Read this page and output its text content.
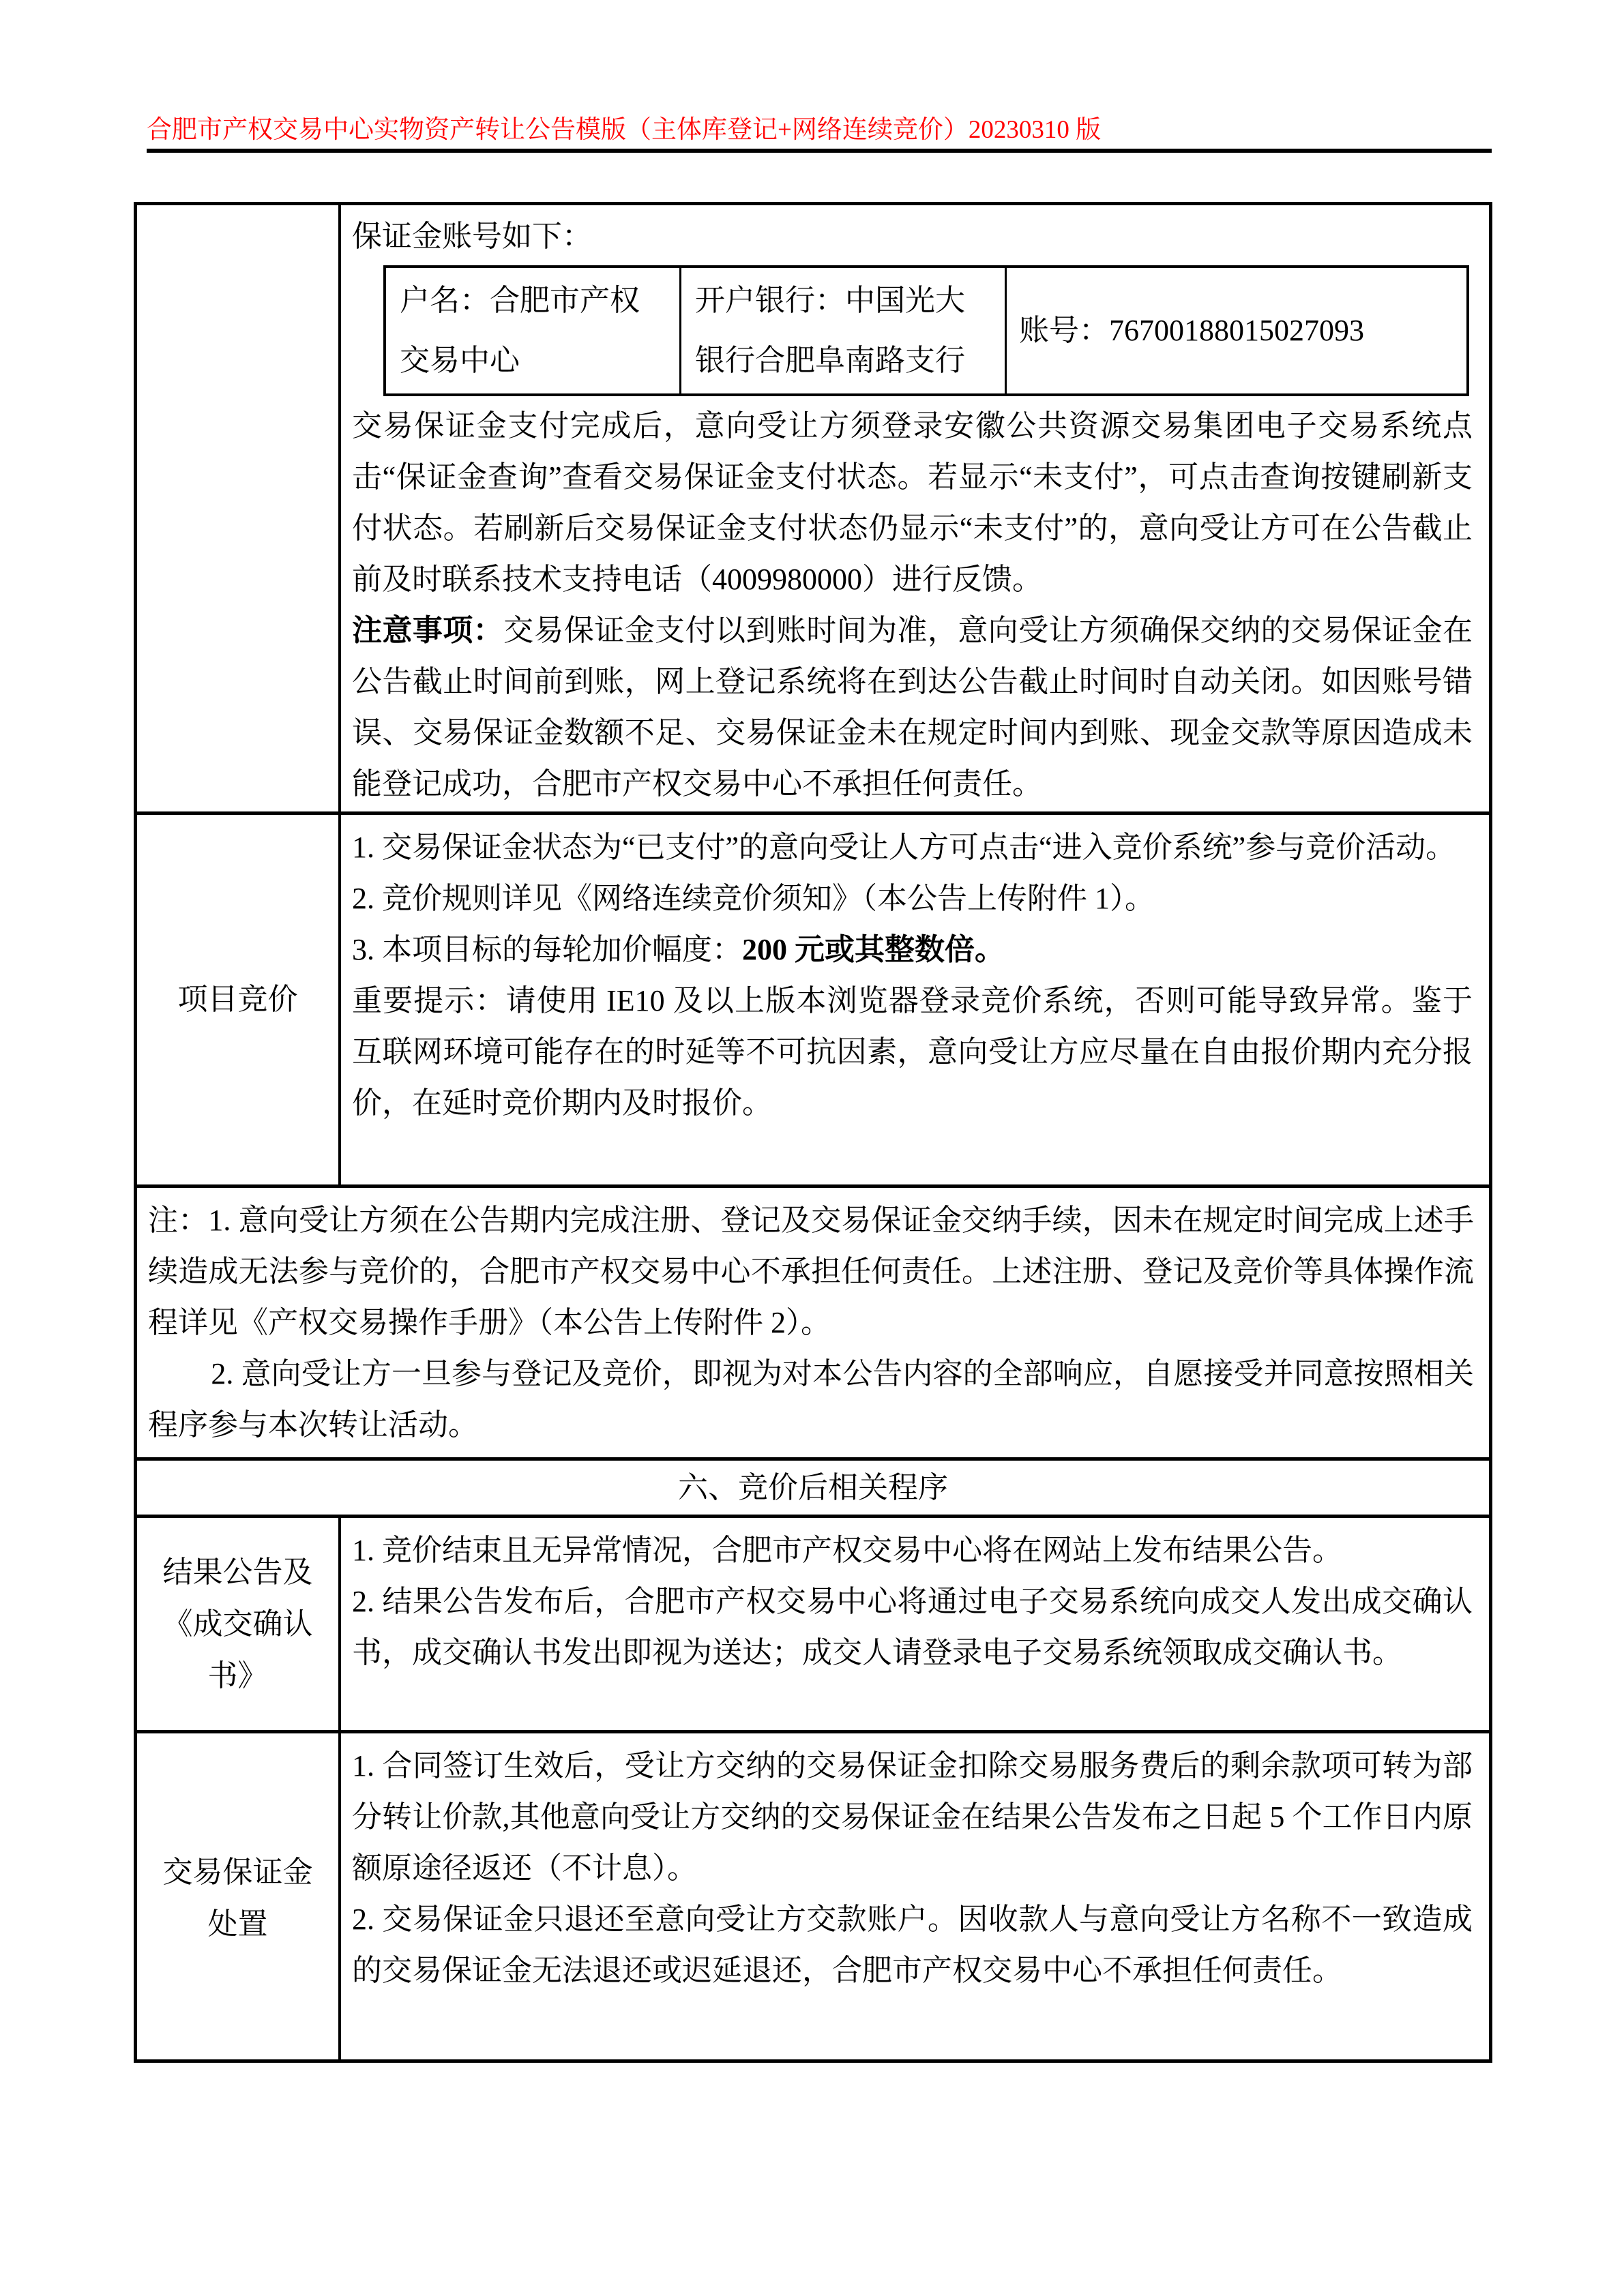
合肥市产权交易中心实物资产转让公告模版（主体库登记+网络连续竞价）20230310 版
保证金账号如下：
户名：合肥市产权交易中心
开户银行：中国光大银行合肥阜南路支行
账号：76700188015027093

交易保证金支付完成后，意向受让方须登录安徽公共资源交易集团电子交易系统点击“保证金查询”查看交易保证金支付状态。若显示“未支付”，可点击查询按键刷新支付状态。若刷新后交易保证金支付状态仍显示“未支付”的，意向受让方可在公告截止前及时联系技术支持电话（4009980000）进行反馈。

注意事项：交易保证金支付以到账时间为准，意向受让方须确保交纳的交易保证金在公告截止时间前到账，网上登记系统将在到达公告截止时间时自动关闭。如因账号错误、交易保证金数额不足、交易保证金未在规定时间内到账、现金交款等原因造成未能登记成功，合肥市产权交易中心不承担任何责任。

项目竞价

1. 交易保证金状态为“已支付”的意向受让人方可点击“进入竞价系统”参与竞价活动。

2. 竞价规则详见《网络连续竞价须知》（本公告上传附件 1）。

3. 本项目标的每轮加价幅度：200 元或其整数倍。

重要提示：请使用 IE10 及以上版本浏览器登录竞价系统，否则可能导致异常。鉴于互联网环境可能存在的时延等不可抗因素，意向受让方应尽量在自由报价期内充分报价，在延时竞价期内及时报价。

注：1. 意向受让方须在公告期内完成注册、登记及交易保证金交纳手续，因未在规定时间完成上述手续造成无法参与竞价的，合肥市产权交易中心不承担任何责任。上述注册、登记及竞价等具体操作流程详见《产权交易操作手册》（本公告上传附件 2）。

2. 意向受让方一旦参与登记及竞价，即视为对本公告内容的全部响应，自愿接受并同意按照相关程序参与本次转让活动。

六、竞价后相关程序
结果公告及《成交确认书》

1. 竞价结束且无异常情况，合肥市产权交易中心将在网站上发布结果公告。

2. 结果公告发布后，合肥市产权交易中心将通过电子交易系统向成交人发出成交确认书，成交确认书发出即视为送达；成交人请登录电子交易系统领取成交确认书。

交易保证金处置

1. 合同签订生效后，受让方交纳的交易保证金扣除交易服务费后的剩余款项可转为部分转让价款,其他意向受让方交纳的交易保证金在结果公告发布之日起 5 个工作日内原额原途径返还（不计息）。

2. 交易保证金只退还至意向受让方交款账户。因收款人与意向受让方名称不一致造成的交易保证金无法退还或迟延退还，合肥市产权交易中心不承担任何责任。
